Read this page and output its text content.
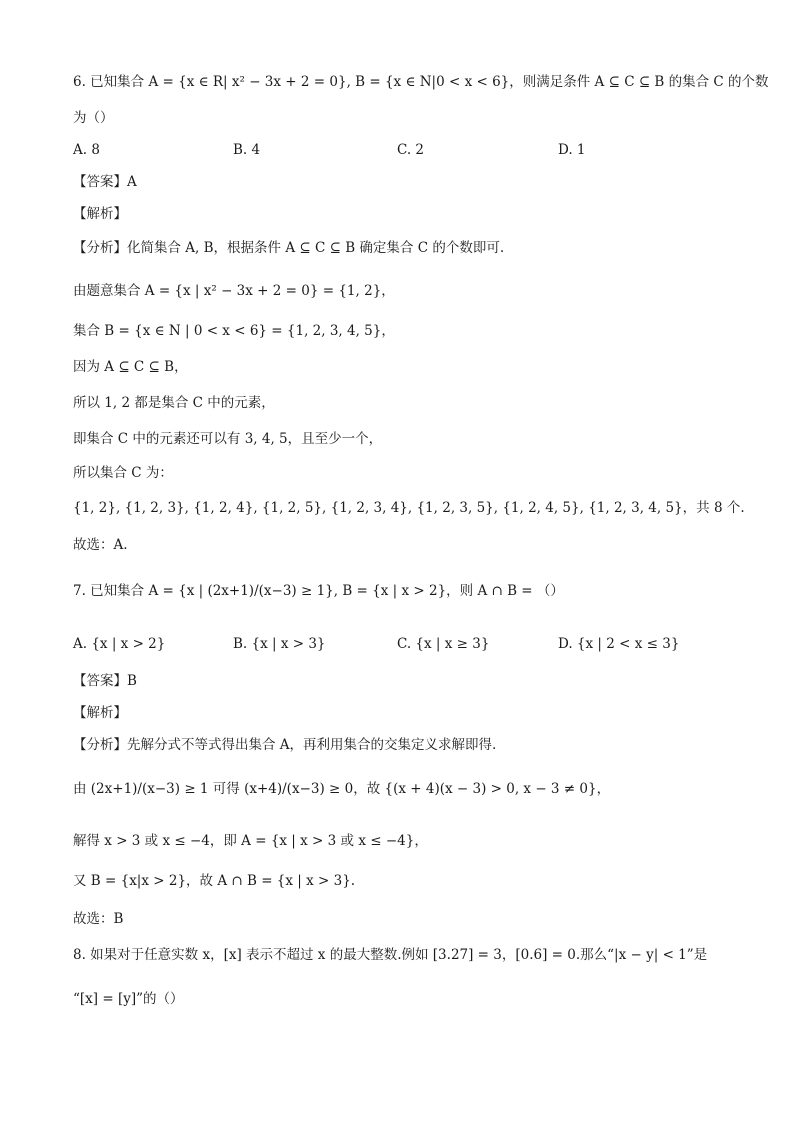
6. 已知集合 A = {x ∈ R| x² − 3x + 2 = 0}, B = {x ∈ N|0 < x < 6}，则满足条件 A ⊆ C ⊆ B 的集合 C 的个数
为（）
A. 8	B. 4	C. 2	D. 1
【答案】A
【解析】
【分析】化简集合 A, B，根据条件 A ⊆ C ⊆ B 确定集合 C 的个数即可.
由题意集合 A = {x | x² − 3x + 2 = 0} = {1, 2}，
集合 B = {x ∈ N | 0 < x < 6} = {1, 2, 3, 4, 5}，
因为 A ⊆ C ⊆ B，
所以 1, 2 都是集合 C 中的元素，
即集合 C 中的元素还可以有 3, 4, 5，且至少一个，
所以集合 C 为：
{1, 2}, {1, 2, 3}, {1, 2, 4}, {1, 2, 5}, {1, 2, 3, 4}, {1, 2, 3, 5}, {1, 2, 4, 5}, {1, 2, 3, 4, 5}，共 8 个.
故选：A.
7. 已知集合 A = {x | (2x+1)/(x−3) ≥ 1}, B = {x | x > 2}，则 A ∩ B = （）
A. {x | x > 2}	B. {x | x > 3}	C. {x | x ≥ 3}	D. {x | 2 < x ≤ 3}
【答案】B
【解析】
【分析】先解分式不等式得出集合 A，再利用集合的交集定义求解即得.
由 (2x+1)/(x−3) ≥ 1 可得 (x+4)/(x−3) ≥ 0，故 {(x + 4)(x − 3) > 0, x − 3 ≠ 0}，
解得 x > 3 或 x ≤ −4，即 A = {x | x > 3 或 x ≤ −4}，
又 B = {x|x > 2}，故 A ∩ B = {x | x > 3}.
故选：B
8. 如果对于任意实数 x，[x] 表示不超过 x 的最大整数.例如 [3.27] = 3，[0.6] = 0.那么“|x − y| < 1”是
“[x] = [y]”的（）
